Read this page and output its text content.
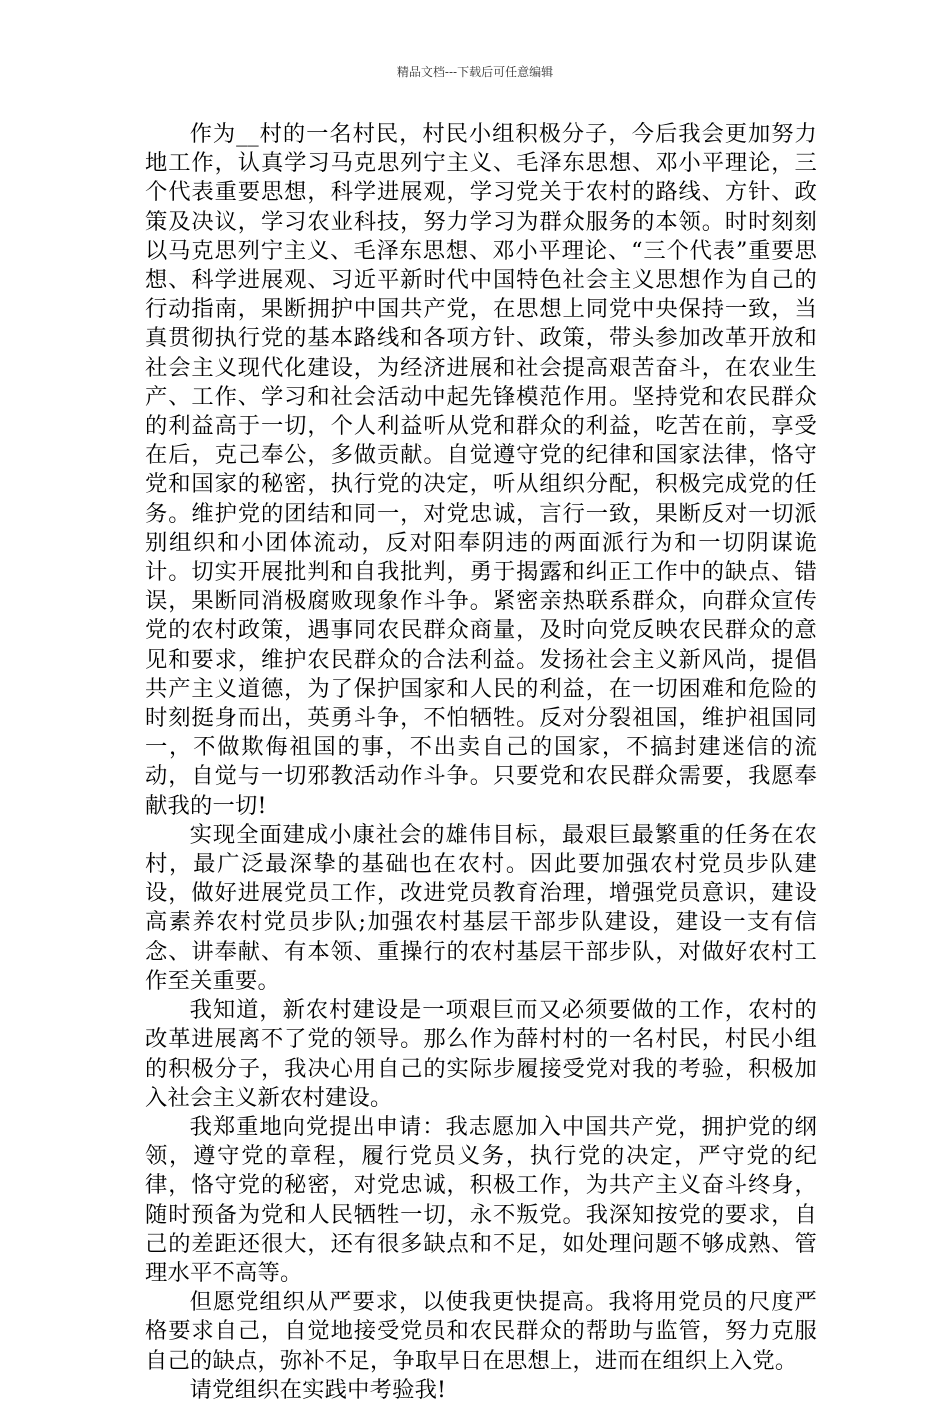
精品文档---下载后可任意编辑

作为__村的一名村民，村民小组积极分子，今后我会更加努力地工作，认真学习马克思列宁主义、毛泽东思想、邓小平理论，三个代表重要思想，科学进展观，学习党关于农村的路线、方针、政策及决议，学习农业科技，努力学习为群众服务的本领。时时刻刻以马克思列宁主义、毛泽东思想、邓小平理论、“三个代表”重要思想、科学进展观、习近平新时代中国特色社会主义思想作为自己的行动指南，果断拥护中国共产党，在思想上同党中央保持一致，当真贯彻执行党的基本路线和各项方针、政策，带头参加改革开放和社会主义现代化建设，为经济进展和社会提高艰苦奋斗，在农业生产、工作、学习和社会活动中起先锋模范作用。坚持党和农民群众的利益高于一切，个人利益听从党和群众的利益，吃苦在前，享受在后，克己奉公，多做贡献。自觉遵守党的纪律和国家法律，恪守党和国家的秘密，执行党的决定，听从组织分配，积极完成党的任务。维护党的团结和同一，对党忠诚，言行一致，果断反对一切派别组织和小团体流动，反对阳奉阴违的两面派行为和一切阴谋诡计。切实开展批判和自我批判，勇于揭露和纠正工作中的缺点、错误，果断同消极腐败现象作斗争。紧密亲热联系群众，向群众宣传党的农村政策，遇事同农民群众商量，及时向党反映农民群众的意见和要求，维护农民群众的合法利益。发扬社会主义新风尚，提倡共产主义道德，为了保护国家和人民的利益，在一切困难和危险的时刻挺身而出，英勇斗争，不怕牺牲。反对分裂祖国，维护祖国同一，不做欺侮祖国的事，不出卖自己的国家，不搞封建迷信的流动，自觉与一切邪教活动作斗争。只要党和农民群众需要，我愿奉献我的一切!

实现全面建成小康社会的雄伟目标，最艰巨最繁重的任务在农村，最广泛最深挚的基础也在农村。因此要加强农村党员步队建设，做好进展党员工作，改进党员教育治理，增强党员意识，建设高素养农村党员步队;加强农村基层干部步队建设，建设一支有信念、讲奉献、有本领、重操行的农村基层干部步队，对做好农村工作至关重要。

我知道，新农村建设是一项艰巨而又必须要做的工作，农村的改革进展离不了党的领导。那么作为薛村村的一名村民，村民小组的积极分子，我决心用自己的实际步履接受党对我的考验，积极加入社会主义新农村建设。

我郑重地向党提出申请：我志愿加入中国共产党，拥护党的纲领，遵守党的章程，履行党员义务，执行党的决定，严守党的纪律，恪守党的秘密，对党忠诚，积极工作，为共产主义奋斗终身，随时预备为党和人民牺牲一切，永不叛党。我深知按党的要求，自己的差距还很大，还有很多缺点和不足，如处理问题不够成熟、管理水平不高等。

但愿党组织从严要求，以使我更快提高。我将用党员的尺度严格要求自己，自觉地接受党员和农民群众的帮助与监管，努力克服自己的缺点，弥补不足，争取早日在思想上，进而在组织上入党。

请党组织在实践中考验我!
